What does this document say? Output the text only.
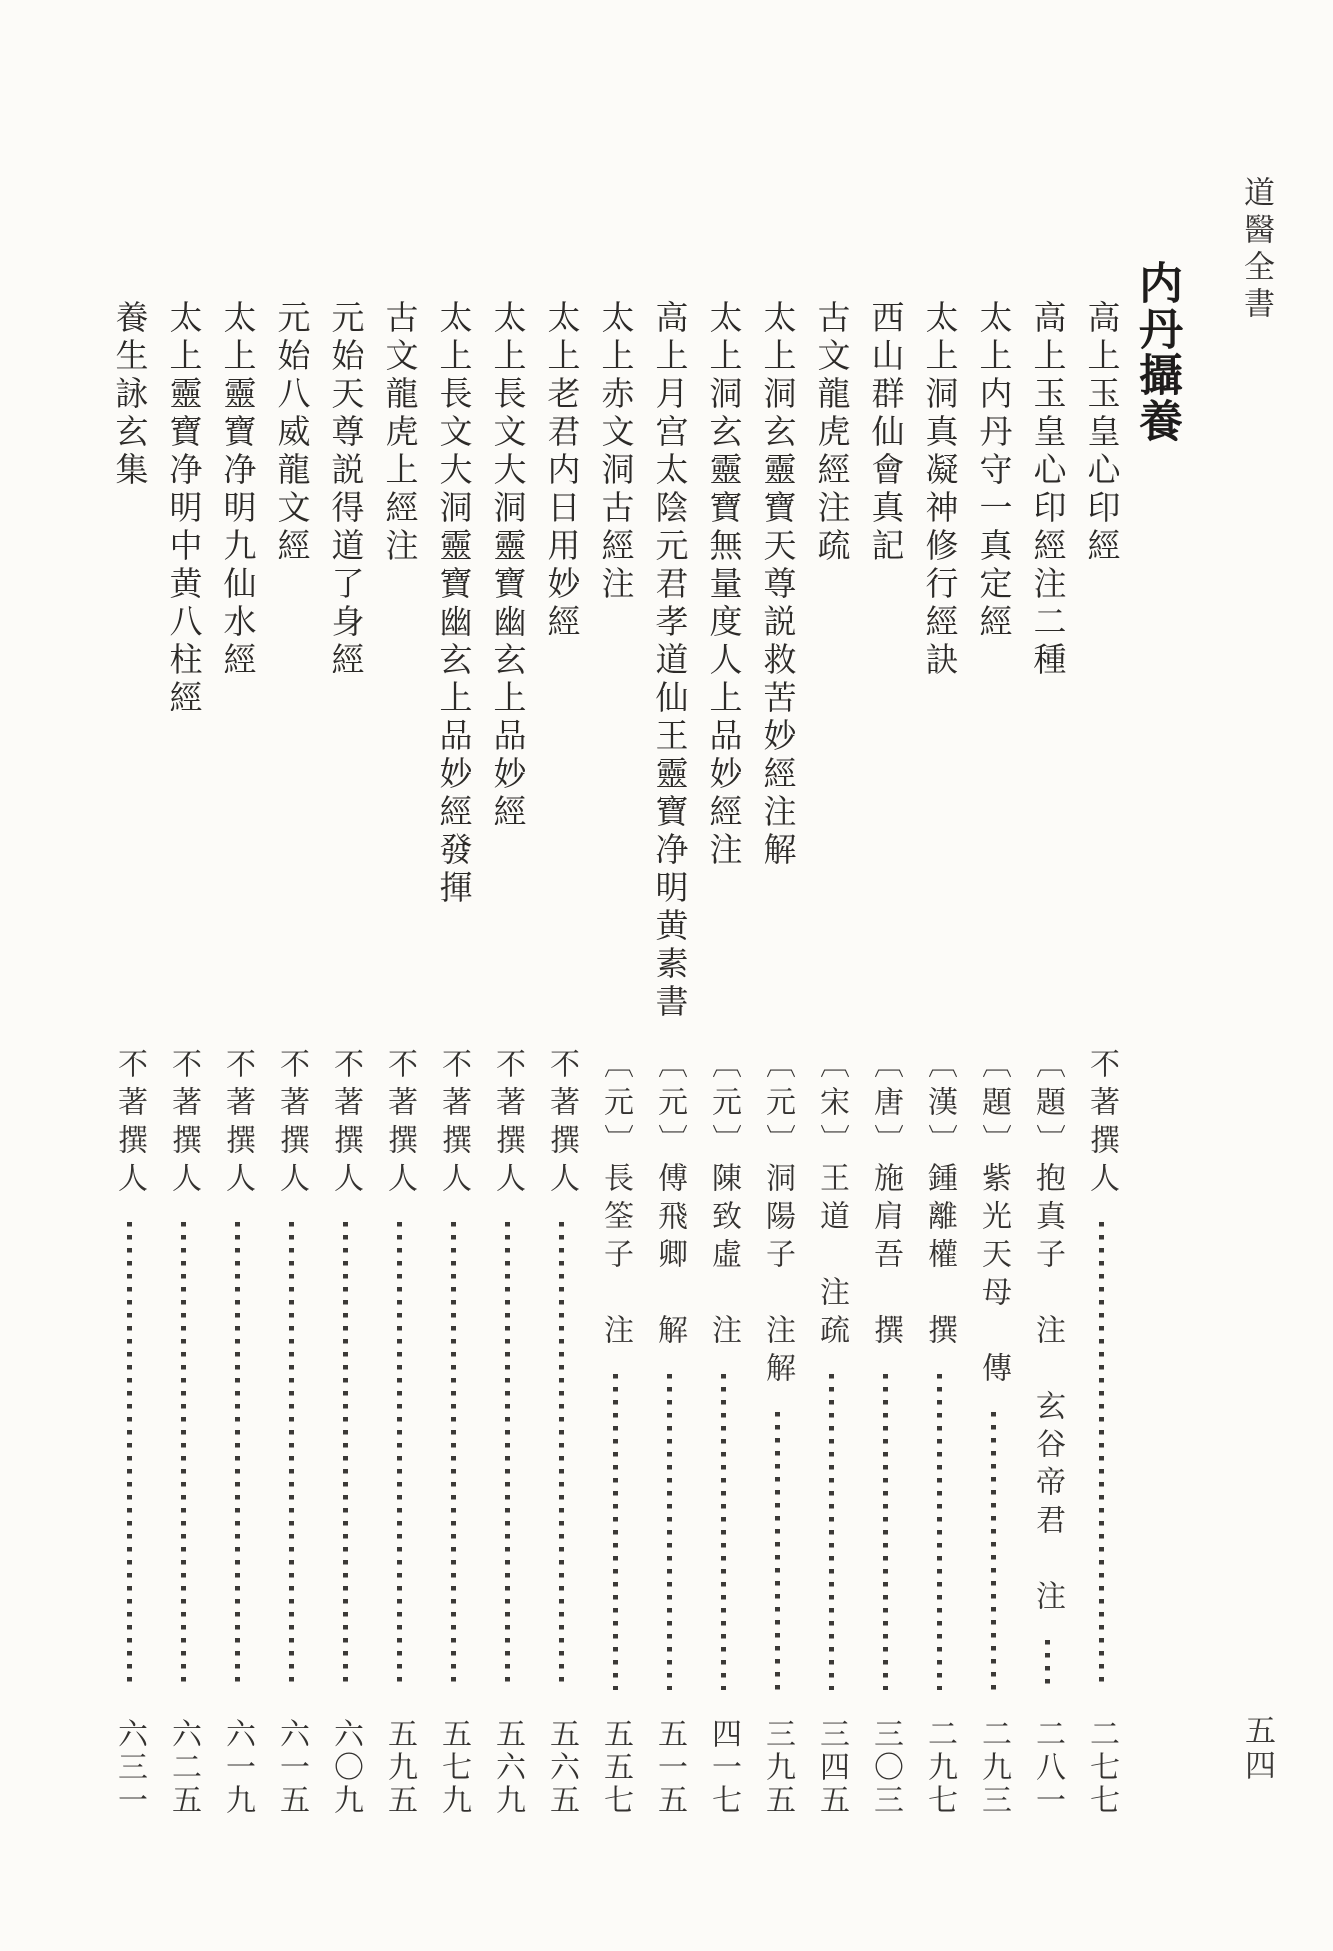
道醫全書
内丹攝養
五四
高上玉皇心印經
不著撰人
二七七
高上玉皇心印經注二種
〔題〕抱真子　注　玄谷帝君　注
二八一
太上内丹守一真定經
〔題〕紫光天母　傳
二九三
太上洞真凝神修行經訣
〔漢〕鍾離權　撰
二九七
西山群仙會真記
〔唐〕施肩吾　撰
三〇三
古文龍虎經注疏
〔宋〕王道　注疏
三四五
太上洞玄靈寶天尊説救苦妙經注解
〔元〕洞陽子　注解
三九五
太上洞玄靈寶無量度人上品妙經注
〔元〕陳致虛　注
四一七
高上月宫太陰元君孝道仙王靈寶净明黄素書
〔元〕傅飛卿　解
五一五
太上赤文洞古經注
〔元〕長筌子　注
五五七
太上老君内日用妙經
不著撰人
五六五
太上長文大洞靈寶幽玄上品妙經
不著撰人
五六九
太上長文大洞靈寶幽玄上品妙經發揮
不著撰人
五七九
古文龍虎上經注
不著撰人
五九五
元始天尊説得道了身經
不著撰人
六〇九
元始八威龍文經
不著撰人
六一五
太上靈寶净明九仙水經
不著撰人
六一九
太上靈寶净明中黄八柱經
不著撰人
六二五
養生詠玄集
不著撰人
六三一
